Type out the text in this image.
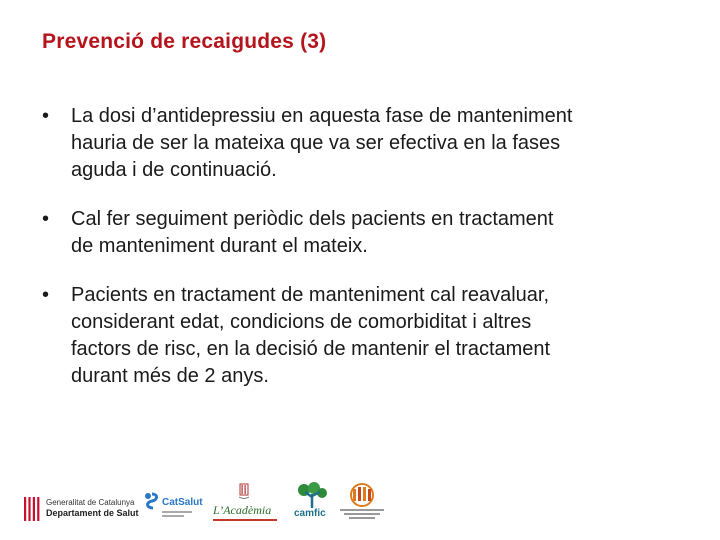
Prevenció de recaigudes (3)
• La dosi d’antidepressiu en aquesta fase de manteniment
hauria de ser la mateixa que va ser efectiva en la fases
aguda i de continuació.
• Cal fer seguiment periòdic dels pacients en tractament
de manteniment durant el mateix.
• Pacients en tractament de manteniment cal reavaluar,
considerant edat, condicions de comorbiditat i altres
factors de risc, en la decisió de mantenir el tractament
durant més de 2 anys.
Generalitat de Catalunya
Departament de Salut
CatSalut
L’Acadèmia camfic
